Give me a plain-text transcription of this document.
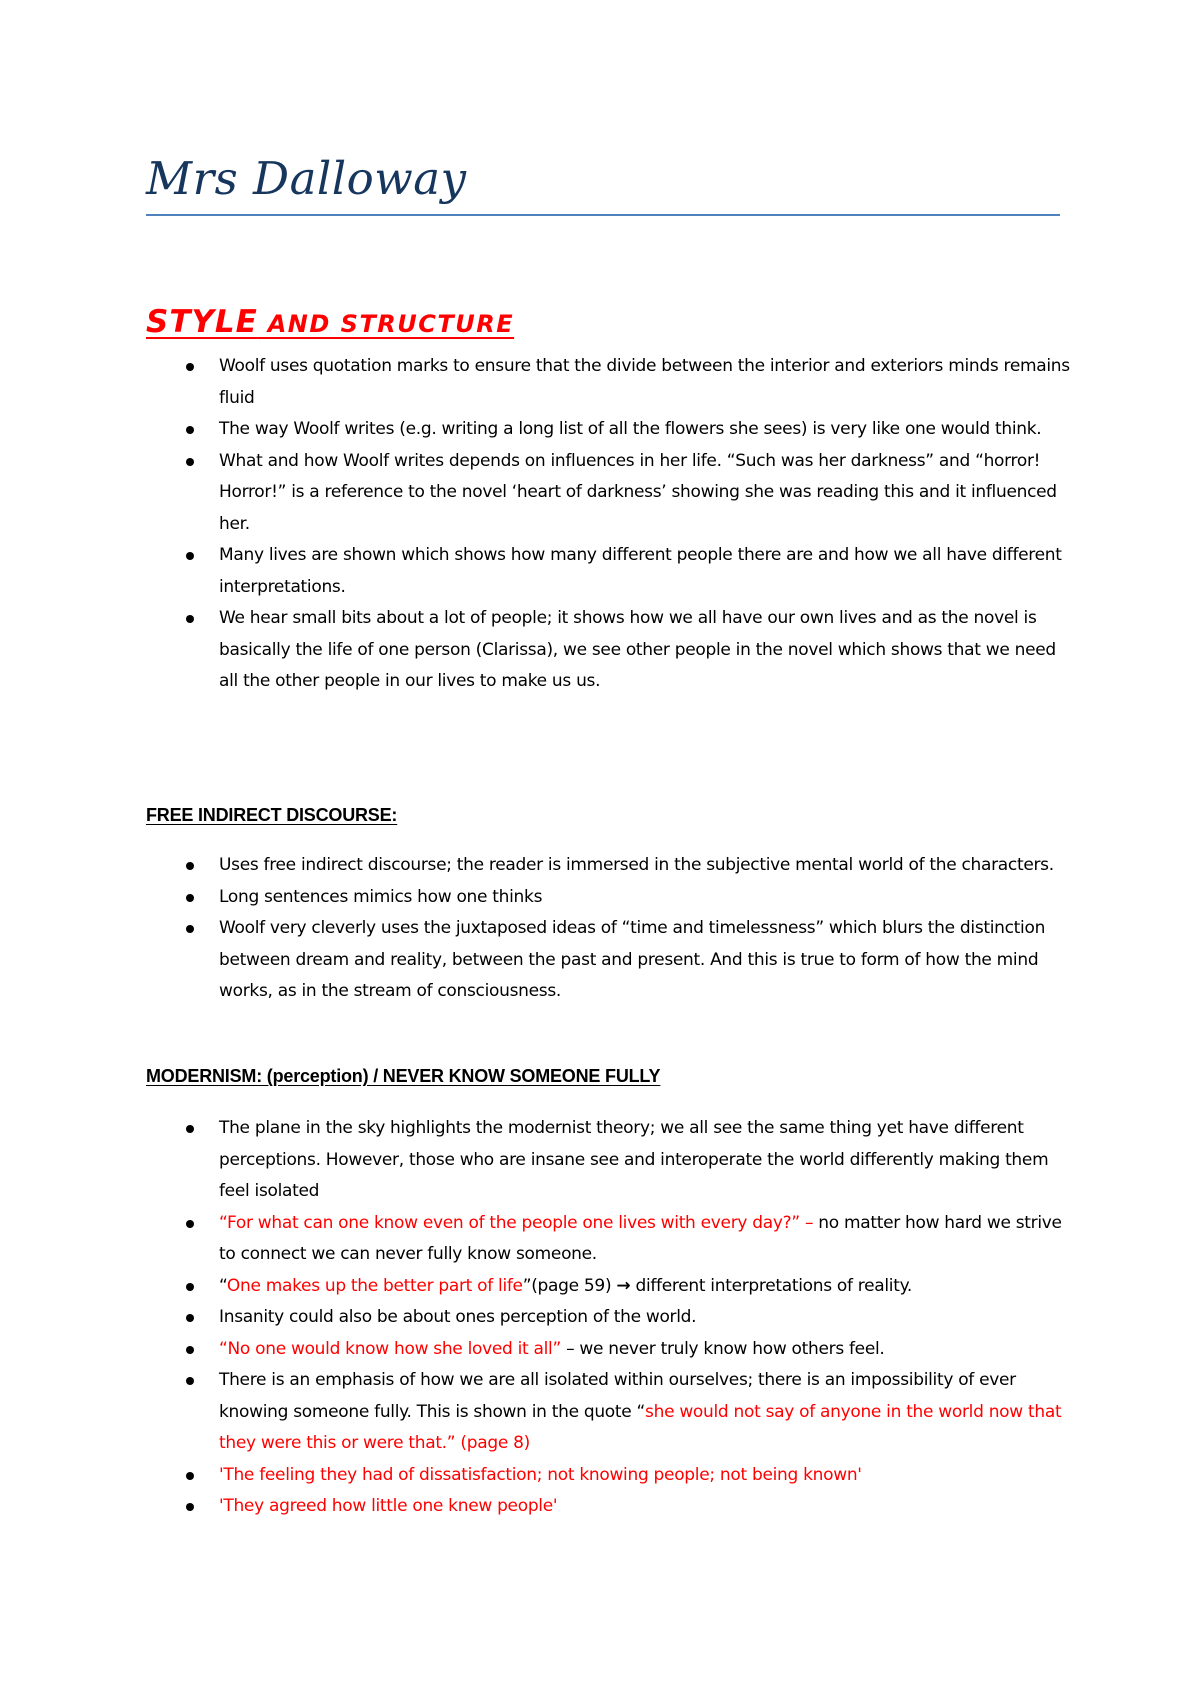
Mrs Dalloway
STYLE AND STRUCTURE
Woolf uses quotation marks to ensure that the divide between the interior and exteriors minds remains fluid
The way Woolf writes (e.g. writing a long list of all the flowers she sees) is very like one would think.
What and how Woolf writes depends on influences in her life. “Such was her darkness” and “horror! Horror!” is a reference to the novel ‘heart of darkness’ showing she was reading this and it influenced her.
Many lives are shown which shows how many different people there are and how we all have different interpretations.
We hear small bits about a lot of people; it shows how we all have our own lives and as the novel is basically the life of one person (Clarissa), we see other people in the novel which shows that we need all the other people in our lives to make us us.
FREE INDIRECT DISCOURSE:
Uses free indirect discourse; the reader is immersed in the subjective mental world of the characters.
Long sentences mimics how one thinks
Woolf very cleverly uses the juxtaposed ideas of “time and timelessness” which blurs the distinction between dream and reality, between the past and present. And this is true to form of how the mind works, as in the stream of consciousness.
MODERNISM: (perception) / NEVER KNOW SOMEONE FULLY
The plane in the sky highlights the modernist theory; we all see the same thing yet have different perceptions. However, those who are insane see and interoperate the world differently making them feel isolated
“For what can one know even of the people one lives with every day?” – no matter how hard we strive to connect we can never fully know someone.
“One makes up the better part of life”(page 59) → different interpretations of reality.
Insanity could also be about ones perception of the world.
“No one would know how she loved it all” – we never truly know how others feel.
There is an emphasis of how we are all isolated within ourselves; there is an impossibility of ever knowing someone fully. This is shown in the quote “she would not say of anyone in the world now that they were this or were that.” (page 8)
'The feeling they had of dissatisfaction; not knowing people; not being known'
'They agreed how little one knew people'
